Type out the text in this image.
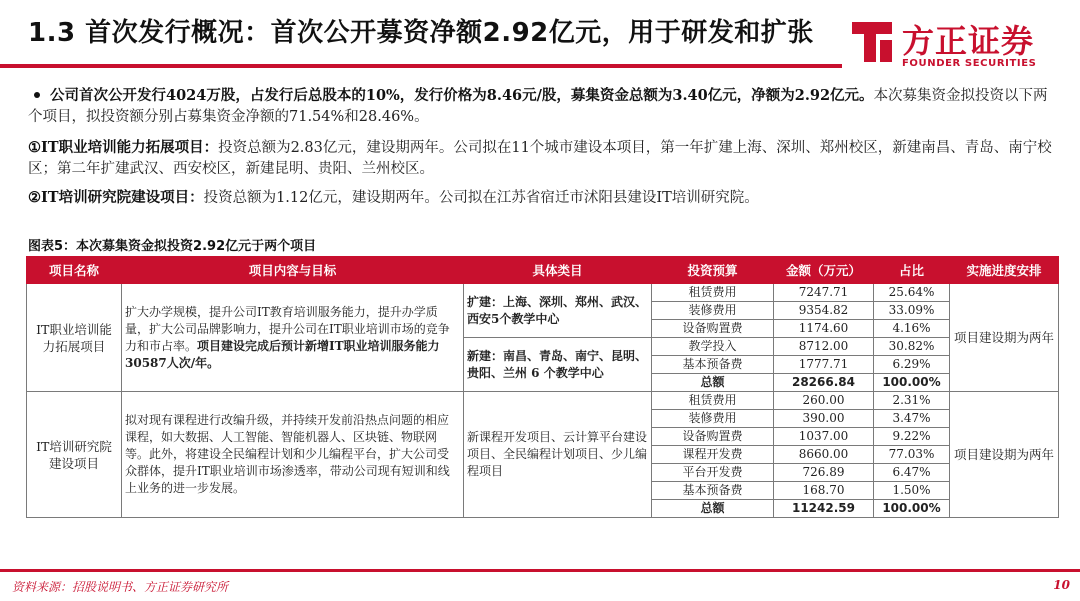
1.3 首次发行概况：首次公开募资净额2.92亿元，用于研发和扩张	方正证券
FOUNDER SECURITIES
公司首次公开发行4024万股，占发行后总股本的10%，发行价格为8.46元/股，募集资金总额为3.40亿元，净额为2.92亿元。本次募集资金拟投资以下两个项目，拟投资额分别占募集资金净额的71.54%和28.46%。
①IT职业培训能力拓展项目：投资总额为2.83亿元，建设期两年。公司拟在11个城市建设本项目，第一年扩建上海、深圳、郑州校区，新建南昌、青岛、南宁校区；第二年扩建武汉、西安校区，新建昆明、贵阳、兰州校区。
②IT培训研究院建设项目：投资总额为1.12亿元，建设期两年。公司拟在江苏省宿迁市沭阳县建设IT培训研究院。
图表5：本次募集资金拟投资2.92亿元于两个项目
项目名称	项目内容与目标	具体类目	投资预算	金额（万元）	占比	实施进度安排
IT职业培训能力拓展项目	扩大办学规模，提升公司IT教育培训服务能力，提升办学质量，扩大公司品牌影响力，提升公司在IT职业培训市场的竞争力和市占率。项目建设完成后预计新增IT职业培训服务能力30587人次/年。	扩建：上海、深圳、郑州、武汉、西安5个教学中心	租赁费用	7247.71	25.64%	项目建设期为两年
			装修费用	9354.82	33.09%	
			设备购置费	1174.60	4.16%	
		新建：南昌、青岛、南宁、昆明、贵阳、兰州 6 个教学中心	教学投入	8712.00	30.82%	
			基本预备费	1777.71	6.29%	
			总额	28266.84	100.00%	
IT培训研究院建设项目	拟对现有课程进行改编升级，并持续开发前沿热点问题的相应课程，如大数据、人工智能、智能机器人、区块链、物联网等。此外，将建设全民编程计划和少儿编程平台，扩大公司受众群体，提升IT职业培训市场渗透率，带动公司现有短训和线上业务的进一步发展。	新课程开发项目、云计算平台建设项目、全民编程计划项目、少儿编程项目	租赁费用	260.00	2.31%	项目建设期为两年
			装修费用	390.00	3.47%	
			设备购置费	1037.00	9.22%	
			课程开发费	8660.00	77.03%	
			平台开发费	726.89	6.47%	
			基本预备费	168.70	1.50%	
			总额	11242.59	100.00%	
资料来源：招股说明书、方正证券研究所	10
